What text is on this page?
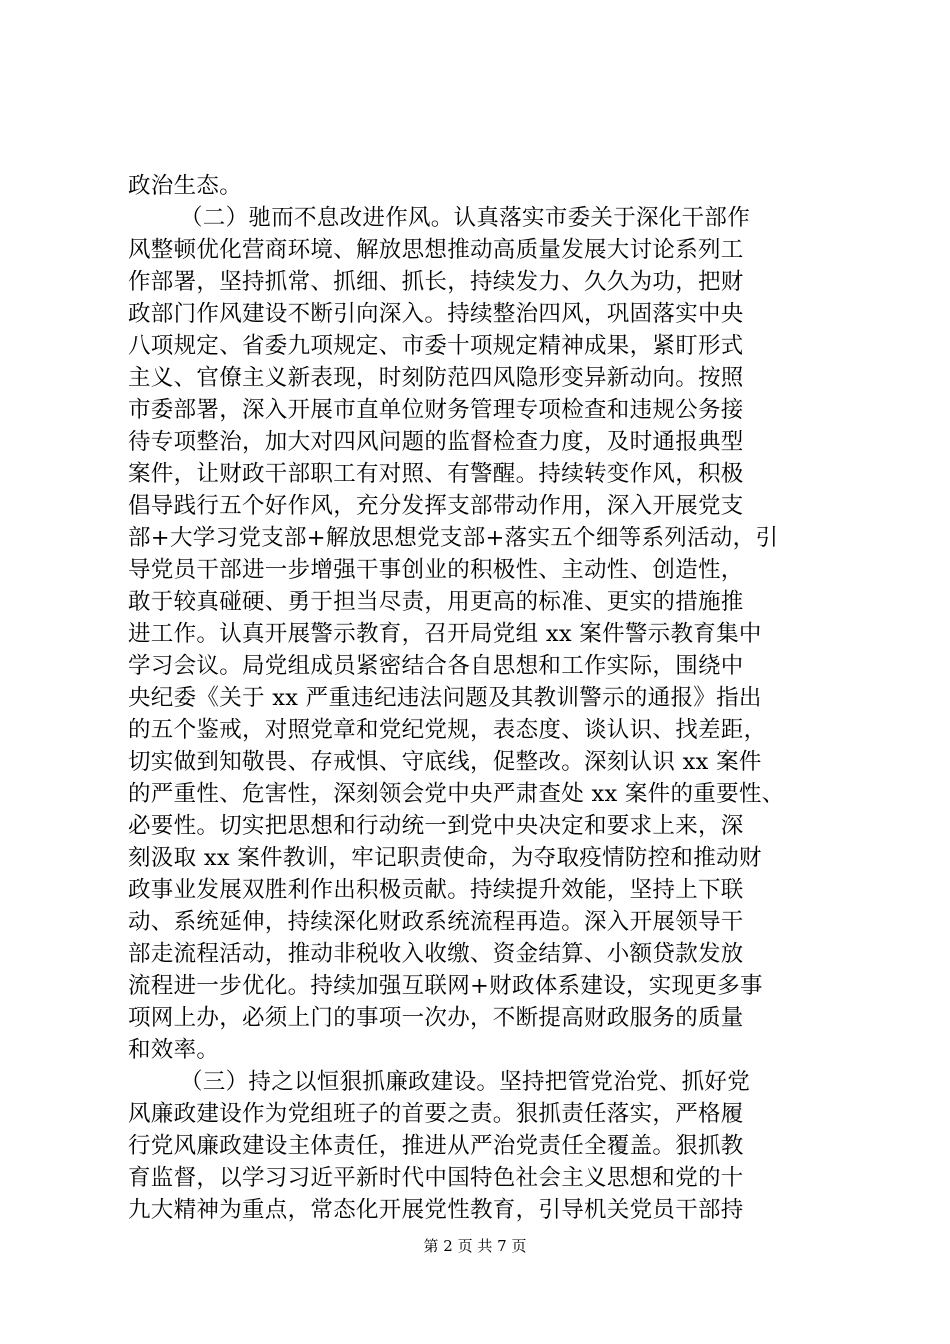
政治生态。
（二）驰而不息改进作风。认真落实市委关于深化干部作
风整顿优化营商环境、解放思想推动高质量发展大讨论系列工
作部署，坚持抓常、抓细、抓长，持续发力、久久为功，把财
政部门作风建设不断引向深入。持续整治四风，巩固落实中央
八项规定、省委九项规定、市委十项规定精神成果，紧盯形式
主义、官僚主义新表现，时刻防范四风隐形变异新动向。按照
市委部署，深入开展市直单位财务管理专项检查和违规公务接
待专项整治，加大对四风问题的监督检查力度，及时通报典型
案件，让财政干部职工有对照、有警醒。持续转变作风，积极
倡导践行五个好作风，充分发挥支部带动作用，深入开展党支
部+大学习党支部+解放思想党支部+落实五个细等系列活动，引
导党员干部进一步增强干事创业的积极性、主动性、创造性，
敢于较真碰硬、勇于担当尽责，用更高的标准、更实的措施推
进工作。认真开展警示教育，召开局党组 xx 案件警示教育集中
学习会议。局党组成员紧密结合各自思想和工作实际，围绕中
央纪委《关于 xx 严重违纪违法问题及其教训警示的通报》指出
的五个鉴戒，对照党章和党纪党规，表态度、谈认识、找差距，
切实做到知敬畏、存戒惧、守底线，促整改。深刻认识 xx 案件
的严重性、危害性，深刻领会党中央严肃查处 xx 案件的重要性、
必要性。切实把思想和行动统一到党中央决定和要求上来，深
刻汲取 xx 案件教训，牢记职责使命，为夺取疫情防控和推动财
政事业发展双胜利作出积极贡献。持续提升效能，坚持上下联
动、系统延伸，持续深化财政系统流程再造。深入开展领导干
部走流程活动，推动非税收入收缴、资金结算、小额贷款发放
流程进一步优化。持续加强互联网+财政体系建设，实现更多事
项网上办，必须上门的事项一次办，不断提高财政服务的质量
和效率。
（三）持之以恒狠抓廉政建设。坚持把管党治党、抓好党
风廉政建设作为党组班子的首要之责。狠抓责任落实，严格履
行党风廉政建设主体责任，推进从严治党责任全覆盖。狠抓教
育监督，以学习习近平新时代中国特色社会主义思想和党的十
九大精神为重点，常态化开展党性教育，引导机关党员干部持
第 2 页 共 7 页
